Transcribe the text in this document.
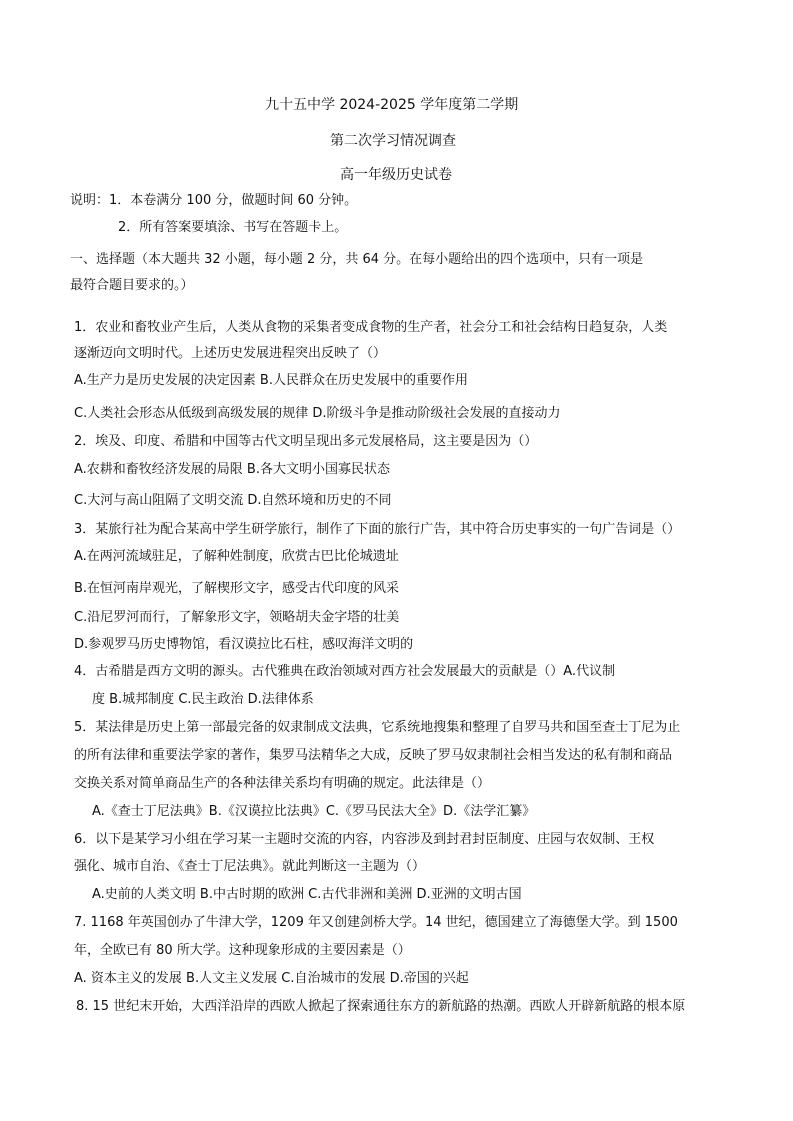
九十五中学 2024-2025 学年度第二学期
第二次学习情况调查
高一年级历史试卷
说明：1．本卷满分 100 分，做题时间 60 分钟。
2．所有答案要填涂、书写在答题卡上。
一、选择题（本大题共 32 小题，每小题 2 分，共 64 分。在每小题给出的四个选项中，只有一项是
最符合题目要求的。）
1．农业和畜牧业产生后，人类从食物的采集者变成食物的生产者，社会分工和社会结构日趋复杂，人类
逐渐迈向文明时代。上述历史发展进程突出反映了（）
A.生产力是历史发展的决定因素 B.人民群众在历史发展中的重要作用
C.人类社会形态从低级到高级发展的规律 D.阶级斗争是推动阶级社会发展的直接动力
2．埃及、印度、希腊和中国等古代文明呈现出多元发展格局，这主要是因为（）
A.农耕和畜牧经济发展的局限 B.各大文明小国寡民状态
C.大河与高山阻隔了文明交流 D.自然环境和历史的不同
3．某旅行社为配合某高中学生研学旅行，制作了下面的旅行广告，其中符合历史事实的一句广告词是（）
A.在两河流域驻足，了解种姓制度，欣赏古巴比伦城遗址
B.在恒河南岸观光，了解楔形文字，感受古代印度的风采
C.沿尼罗河而行，了解象形文字，领略胡夫金字塔的壮美
D.参观罗马历史博物馆，看汉谟拉比石柱，感叹海洋文明的
4．古希腊是西方文明的源头。古代雅典在政治领域对西方社会发展最大的贡献是（）A.代议制
度 B.城邦制度 C.民主政治 D.法律体系
5．某法律是历史上第一部最完备的奴隶制成文法典，它系统地搜集和整理了自罗马共和国至查士丁尼为止
的所有法律和重要法学家的著作，集罗马法精华之大成，反映了罗马奴隶制社会相当发达的私有制和商品
交换关系对简单商品生产的各种法律关系均有明确的规定。此法律是（）
A.《查士丁尼法典》B.《汉谟拉比法典》C.《罗马民法大全》D.《法学汇纂》
6．以下是某学习小组在学习某一主题时交流的内容，内容涉及到封君封臣制度、庄园与农奴制、王权
强化、城市自治、《查士丁尼法典》。就此判断这一主题为（）
A.史前的人类文明 B.中古时期的欧洲 C.古代非洲和美洲 D.亚洲的文明古国
7. 1168 年英国创办了牛津大学，1209 年又创建剑桥大学。14 世纪，德国建立了海德堡大学。到 1500
年，全欧已有 80 所大学。这种现象形成的主要因素是（）
A. 资本主义的发展 B.人文主义发展 C.自治城市的发展 D.帝国的兴起
8. 15 世纪末开始，大西洋沿岸的西欧人掀起了探索通往东方的新航路的热潮。西欧人开辟新航路的根本原
